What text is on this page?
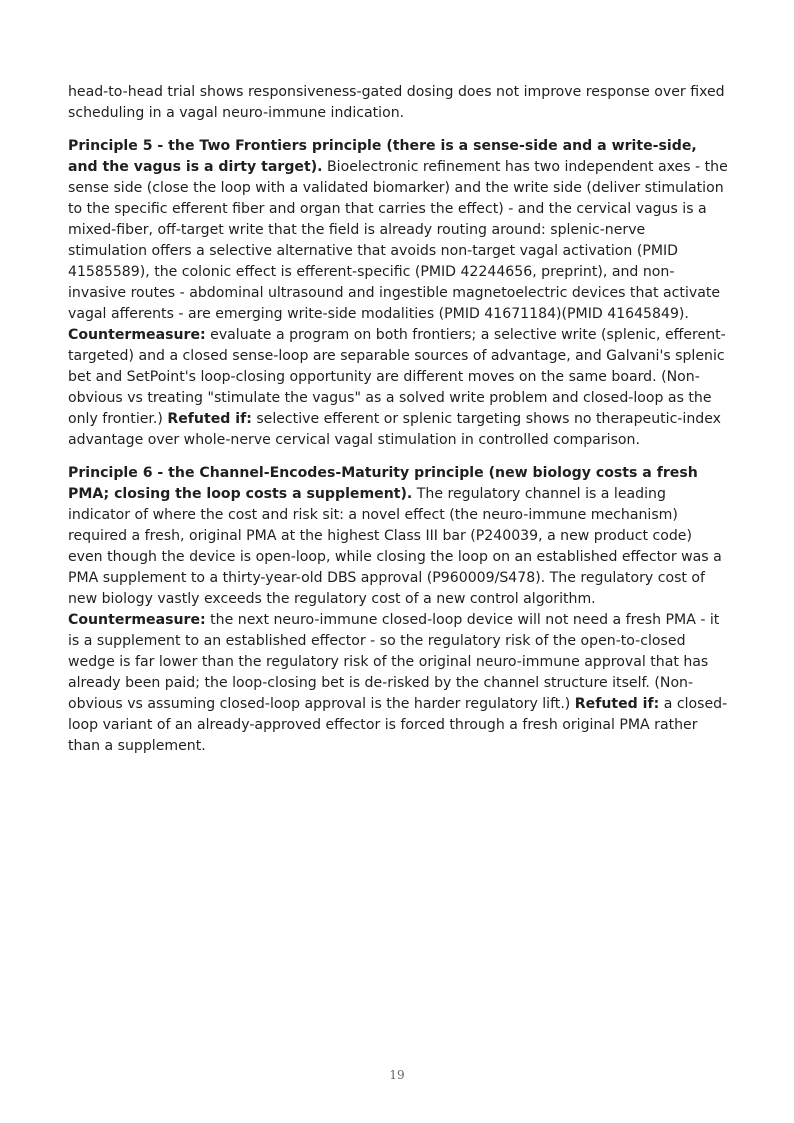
head-to-head trial shows responsiveness-gated dosing does not improve response over fixed scheduling in a vagal neuro-immune indication.

Principle 5 - the Two Frontiers principle (there is a sense-side and a write-side, and the vagus is a dirty target). Bioelectronic refinement has two independent axes - the sense side (close the loop with a validated biomarker) and the write side (deliver stimulation to the specific efferent fiber and organ that carries the effect) - and the cervical vagus is a mixed-fiber, off-target write that the field is already routing around: splenic-nerve stimulation offers a selective alternative that avoids non-target vagal activation (PMID 41585589), the colonic effect is efferent-specific (PMID 42244656, preprint), and non-invasive routes - abdominal ultrasound and ingestible magnetoelectric devices that activate vagal afferents - are emerging write-side modalities (PMID 41671184)(PMID 41645849). Countermeasure: evaluate a program on both frontiers; a selective write (splenic, efferent-targeted) and a closed sense-loop are separable sources of advantage, and Galvani's splenic bet and SetPoint's loop-closing opportunity are different moves on the same board. (Non-obvious vs treating "stimulate the vagus" as a solved write problem and closed-loop as the only frontier.) Refuted if: selective efferent or splenic targeting shows no therapeutic-index advantage over whole-nerve cervical vagal stimulation in controlled comparison.

Principle 6 - the Channel-Encodes-Maturity principle (new biology costs a fresh PMA; closing the loop costs a supplement). The regulatory channel is a leading indicator of where the cost and risk sit: a novel effect (the neuro-immune mechanism) required a fresh, original PMA at the highest Class III bar (P240039, a new product code) even though the device is open-loop, while closing the loop on an established effector was a PMA supplement to a thirty-year-old DBS approval (P960009/S478). The regulatory cost of new biology vastly exceeds the regulatory cost of a new control algorithm. Countermeasure: the next neuro-immune closed-loop device will not need a fresh PMA - it is a supplement to an established effector - so the regulatory risk of the open-to-closed wedge is far lower than the regulatory risk of the original neuro-immune approval that has already been paid; the loop-closing bet is de-risked by the channel structure itself. (Non-obvious vs assuming closed-loop approval is the harder regulatory lift.) Refuted if: a closed-loop variant of an already-approved effector is forced through a fresh original PMA rather than a supplement.

19
